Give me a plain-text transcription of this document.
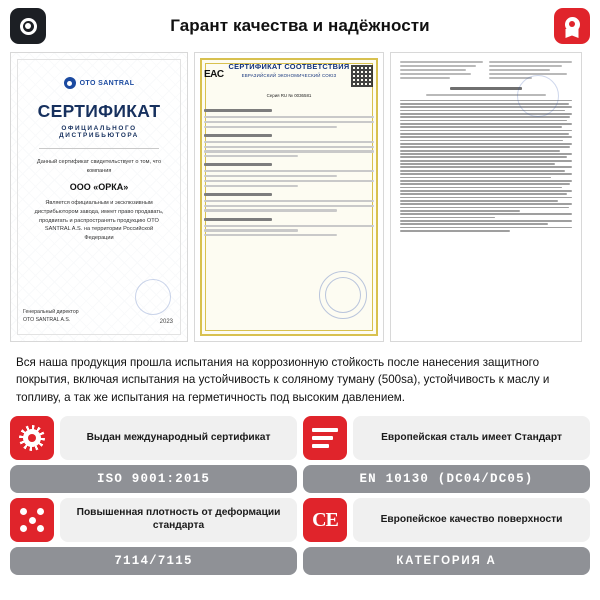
Гарант качества и надёжности
OTO SANTRAL
СЕРТИФИКАТ
ОФИЦИАЛЬНОГО ДИСТРИБЬЮТОРА
Данный сертификат свидетельствует о том, что компания
ООО «ОРКА»
Является официальным и эксклюзивным дистрибьютором завода, имеет право продавать, продвигать и распространять продукцию OTO SANTRAL A.S. на территории Российской Федерации
Генеральный директор
OTO SANTRAL A.S.	2023
СЕРТИФИКАТ СООТВЕТСТВИЯ
ЕВРАЗИЙСКИЙ ЭКОНОМИЧЕСКИЙ СОЮЗ
EAC
Серия RU № 0036581
Вся наша продукция прошла испытания на коррозионную стойкость после нанесения защитного покрытия, включая испытания на устойчивость к соляному туману (500sa), устойчивость к маслу и топливу, а так же испытания на герметичность под высоким давлением.
Выдан международный сертификат
ISO 9001:2015
Европейская сталь имеет Стандарт
EN 10130 (DC04/DC05)
Повышенная плотность от деформации стандарта
7114/7115
CE	Европейское качество поверхности
КАТЕГОРИЯ А
